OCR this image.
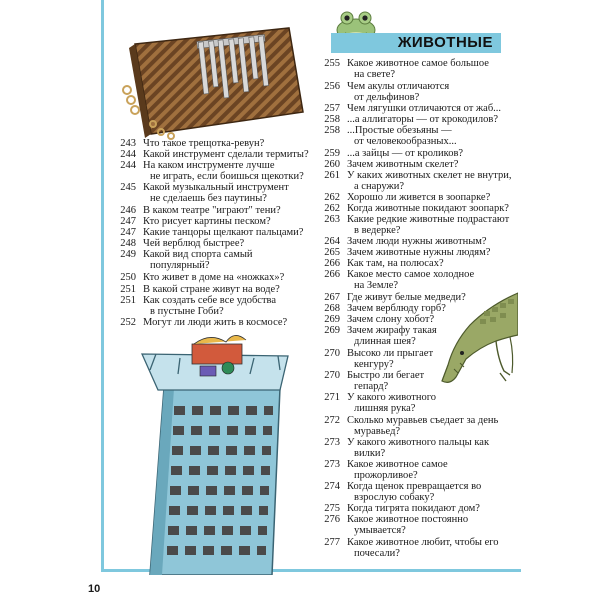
ЖИВОТНЫЕ
243 Что такое трещотка-ревун?
244 Какой инструмент сделали термиты?
244 На каком инструменте лучше
не играть, если боишься щекотки?
245 Какой музыкальный инструмент
не сделаешь без паутины?
246 В каком театре "играют" тени?
247 Кто рисует картины песком?
247 Какие танцоры щелкают пальцами?
248 Чей верблюд быстрее?
249 Какой вид спорта самый
популярный?
250 Кто живет в доме на «ножках»?
251 В какой стране живут на воде?
251 Как создать себе все удобства
в пустыне Гоби?
252 Могут ли люди жить в космосе?
255 Какое животное самое большое
на свете?
256 Чем акулы отличаются
от дельфинов?
257 Чем лягушки отличаются от жаб...
258 ...а аллигаторы — от крокодилов?
258 ...Простые обезьяны —
от человекообразных...
259 ...а зайцы — от кроликов?
260 Зачем животным скелет?
261 У каких животных скелет не внутри,
а снаружи?
262 Хорошо ли живется в зоопарке?
262 Когда животные покидают зоопарк?
263 Какие редкие животные подрастают
в ведерке?
264 Зачем люди нужны животным?
265 Зачем животные нужны людям?
266 Как там, на полюсах?
266 Какое место самое холодное
на Земле?
267 Где живут белые медведи?
268 Зачем верблюду горб?
269 Зачем слону хобот?
269 Зачем жирафу такая
длинная шея?
270 Высоко ли прыгает
кенгуру?
270 Быстро ли бегает
гепард?
271 У какого животного
лишняя рука?
272 Сколько муравьев съедает за день
муравьед?
273 У какого животного пальцы как
вилки?
273 Какое животное самое
прожорливое?
274 Когда щенок превращается во
взрослую собаку?
275 Когда тигрята покидают дом?
276 Какое животное постоянно
умывается?
277 Какое животное любит, чтобы его
почесали?
10
